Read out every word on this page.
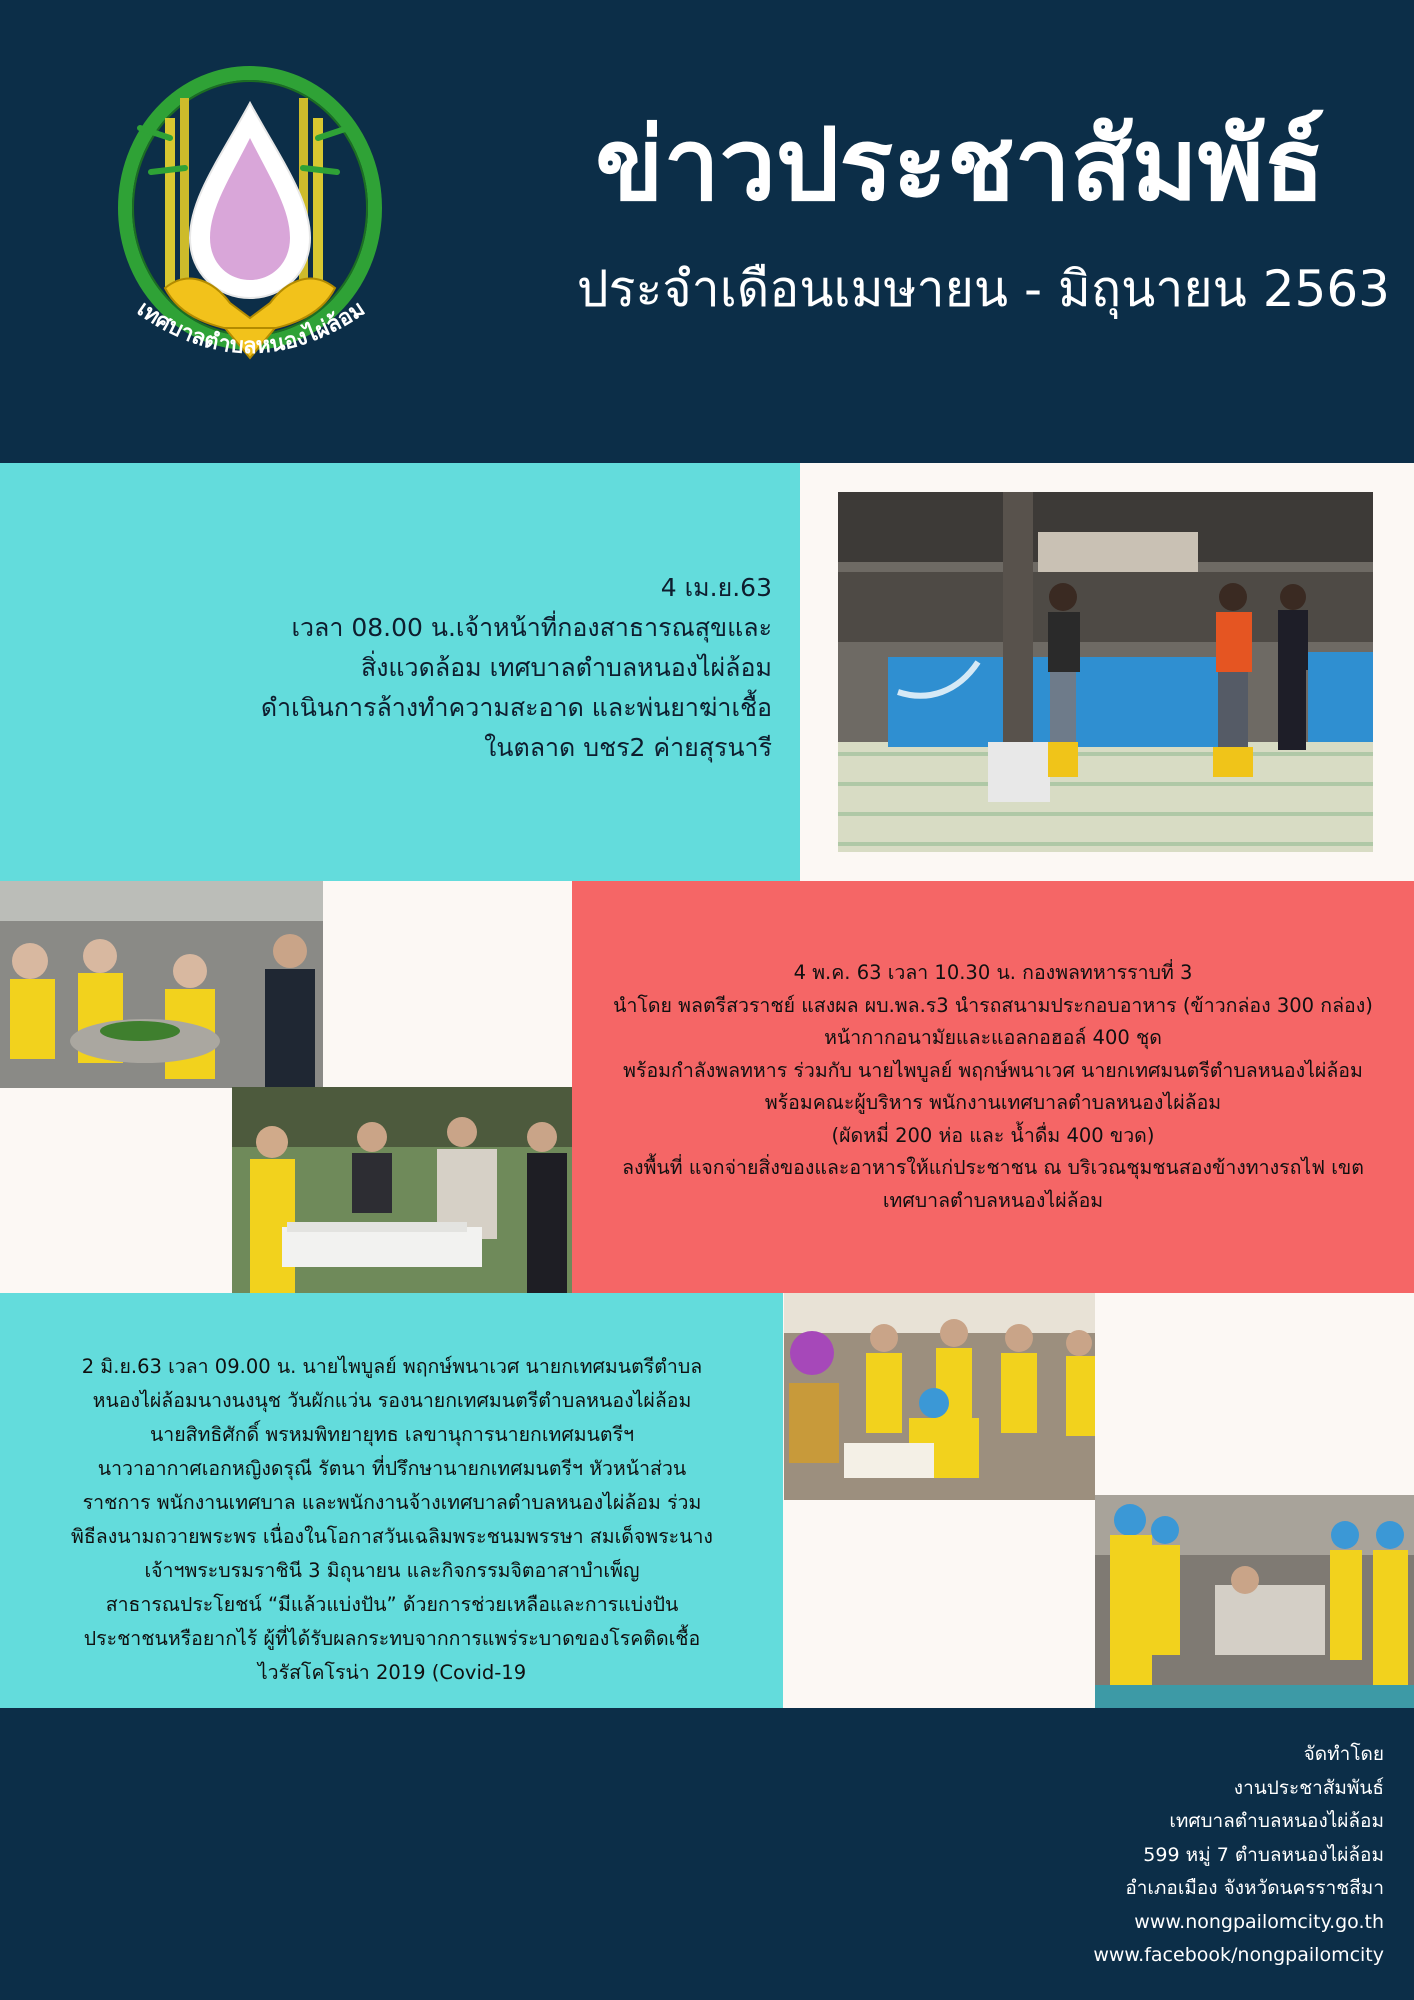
เทศบาลตำบลหนองไผ่ล้อม
ข่าวประชาสัมพัธ์
ประจำเดือนเมษายน - มิถุนายน 2563
4 เม.ย.63
เวลา 08.00 น.เจ้าหน้าที่กองสาธารณสุขและ
สิ่งแวดล้อม เทศบาลตำบลหนองไผ่ล้อม
ดำเนินการล้างทำความสะอาด และพ่นยาฆ่าเชื้อ
ในตลาด บชร2 ค่ายสุรนารี
4 พ.ค. 63 เวลา 10.30 น. กองพลทหารราบที่ 3
นำโดย พลตรีสวราชย์ แสงผล ผบ.พล.ร3 นำรถสนามประกอบอาหาร (ข้าวกล่อง 300 กล่อง)
หน้ากากอนามัยและแอลกอฮอล์ 400 ชุด
พร้อมกำลังพลทหาร ร่วมกับ นายไพบูลย์ พฤกษ์พนาเวศ นายกเทศมนตรีตำบลหนองไผ่ล้อม
พร้อมคณะผู้บริหาร พนักงานเทศบาลตำบลหนองไผ่ล้อม
(ผัดหมี่ 200 ห่อ และ น้ำดื่ม 400 ขวด)
ลงพื้นที่ แจกจ่ายสิ่งของและอาหารให้แก่ประชาชน ณ บริเวณชุมชนสองข้างทางรถไฟ เขต
เทศบาลตำบลหนองไผ่ล้อม
2 มิ.ย.63 เวลา 09.00 น. นายไพบูลย์ พฤกษ์พนาเวศ นายกเทศมนตรีตำบล
หนองไผ่ล้อมนางนงนุช วันผักแว่น รองนายกเทศมนตรีตำบลหนองไผ่ล้อม
นายสิทธิศักดิ์ พรหมพิทยายุทธ เลขานุการนายกเทศมนตรีฯ
นาวาอากาศเอกหญิงดรุณี รัตนา ที่ปรึกษานายกเทศมนตรีฯ หัวหน้าส่วน
ราชการ พนักงานเทศบาล และพนักงานจ้างเทศบาลตำบลหนองไผ่ล้อม ร่วม
พิธีลงนามถวายพระพร เนื่องในโอกาสวันเฉลิมพระชนมพรรษา สมเด็จพระนาง
เจ้าฯพระบรมราชินี 3 มิถุนายน และกิจกรรมจิตอาสาบำเพ็ญ
สาธารณประโยชน์ “มีแล้วแบ่งปัน” ด้วยการช่วยเหลือและการแบ่งปัน
ประชาชนหรือยากไร้ ผู้ที่ได้รับผลกระทบจากการแพร่ระบาดของโรคติดเชื้อ
ไวรัสโคโรน่า 2019 (Covid-19
จัดทำโดย
งานประชาสัมพันธ์
เทศบาลตำบลหนองไผ่ล้อม
599 หมู่ 7 ตำบลหนองไผ่ล้อม
อำเภอเมือง จังหวัดนครราชสีมา
www.nongpailomcity.go.th
www.facebook/nongpailomcity
